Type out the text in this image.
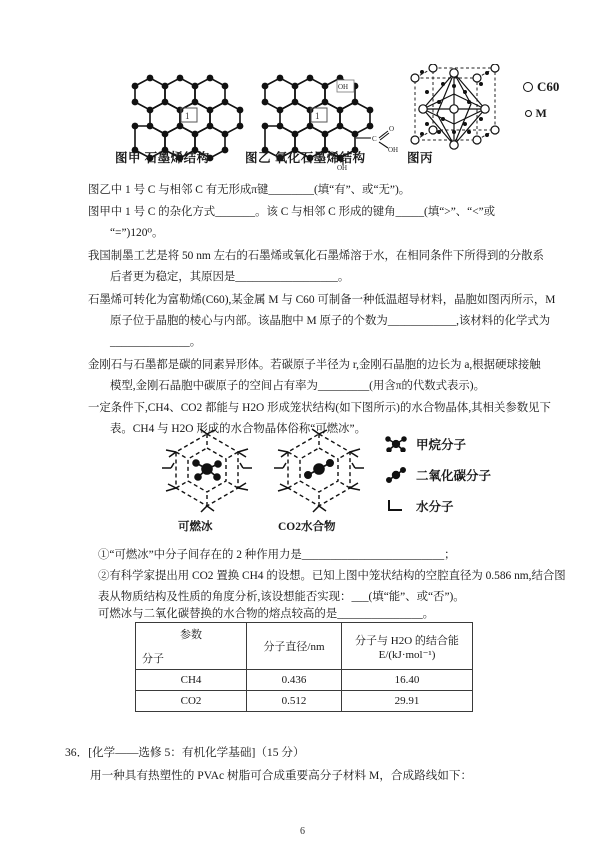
1	1
OH
C
O
OH
OH
C60
M
图甲 石墨烯结构	图乙 氧化石墨烯结构	图丙
图乙中 1 号 C 与相邻 C 有无形成π键________(填“有”、或“无”)。
图甲中 1 号 C 的杂化方式_______。该 C 与相邻 C 形成的键角_____(填“>”、“<”或
“=”)120⁰。
我国制墨工艺是将 50 nm 左右的石墨烯或氧化石墨烯溶于水，在相同条件下所得到的分散系
后者更为稳定，其原因是__________________。
石墨烯可转化为富勒烯(C60),某金属 M 与 C60 可制备一种低温超导材料，晶胞如图丙所示，M
原子位于晶胞的棱心与内部。该晶胞中 M 原子的个数为____________,该材料的化学式为
______________。
金刚石与石墨都是碳的同素异形体。若碳原子半径为 r,金刚石晶胞的边长为 a,根据硬球接触
模型,金刚石晶胞中碳原子的空间占有率为_________(用含π的代数式表示)。
一定条件下,CH4、CO2 都能与 H2O 形成笼状结构(如下图所示)的水合物晶体,其相关参数见下
表。CH4 与 H2O 形成的水合物晶体俗称“可燃冰”。
可燃冰	CO2水合物
甲烷分子
二氧化碳分子
水分子
①“可燃冰”中分子间存在的 2 种作用力是_________________________；
②有科学家提出用 CO2 置换 CH4 的设想。已知上图中笼状结构的空腔直径为 0.586 nm,结合图
表从物质结构及性质的角度分析,该设想能否实现：___(填“能”、或“否”)。
可燃冰与二氧化碳替换的水合物的熔点较高的是_______________。
参数
分子	分子直径/nm	分子与 H2O 的结合能 E/(kJ·mol⁻¹)
CH4	0.436	16.40
CO2	0.512	29.91
36．[化学——选修 5：有机化学基础]（15 分）
用一种具有热塑性的 PVAc 树脂可合成重要高分子材料 M，合成路线如下：
6
